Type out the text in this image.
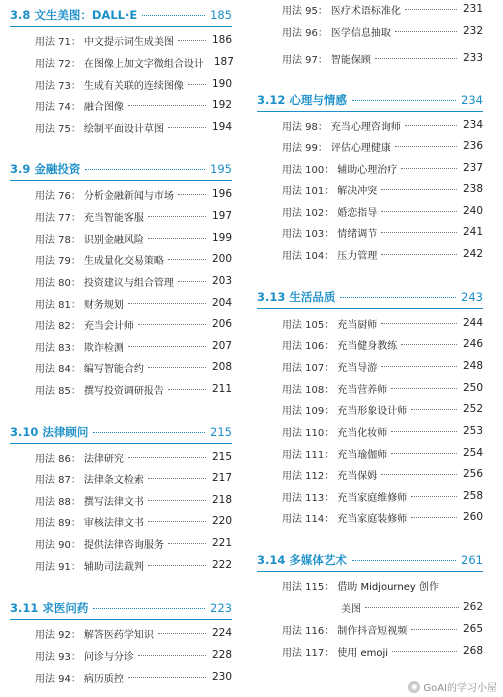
3.8 文生美图：DALL·E	185
用法 71： 中文提示词生成美图	186
用法 72： 在图像上加文字微组合设计 187
用法 73： 生成有关联的连续图像	190
用法 74： 融合图像	192
用法 75： 绘制平面设计草图	194
3.9 金融投资	195
用法 76： 分析金融新闻与市场	196
用法 77： 充当智能客服	197
用法 78： 识别金融风险	199
用法 79： 生成量化交易策略	200
用法 80： 投资建议与组合管理	203
用法 81： 财务规划	204
用法 82： 充当会计师	206
用法 83： 欺诈检测	207
用法 84： 编写智能合约	208
用法 85： 撰写投资调研报告	211
3.10 法律顾问	215
用法 86： 法律研究	215
用法 87： 法律条文检索	217
用法 88： 撰写法律文书	218
用法 89： 审核法律文书	220
用法 90： 提供法律咨询服务	221
用法 91： 辅助司法裁判	222
3.11 求医问药	223
用法 92： 解答医药学知识	224
用法 93： 问诊与分诊	228
用法 94： 病历质控	230
用法 95： 医疗术语标准化	231
用法 96： 医学信息抽取	232
用法 97： 智能保顾	233
3.12 心理与情感	234
用法 98： 充当心理咨询师	234
用法 99： 评估心理健康	236
用法 100： 辅助心理治疗	237
用法 101： 解决冲突	238
用法 102： 婚恋指导	240
用法 103： 情绪调节	241
用法 104： 压力管理	242
3.13 生活品质	243
用法 105： 充当厨师	244
用法 106： 充当健身教练	246
用法 107： 充当导游	248
用法 108： 充当营养师	250
用法 109： 充当形象设计师	252
用法 110： 充当化妆师	253
用法 111： 充当瑜伽师	254
用法 112： 充当保姆	256
用法 113： 充当家庭维修师	258
用法 114： 充当家庭装修师	260
3.14 多媒体艺术	261
用法 115： 借助 Midjourney 创作
美图	262
用法 116： 制作抖音短视频	265
用法 117： 使用 emoji	268
◉ GoAI的学习小屋
